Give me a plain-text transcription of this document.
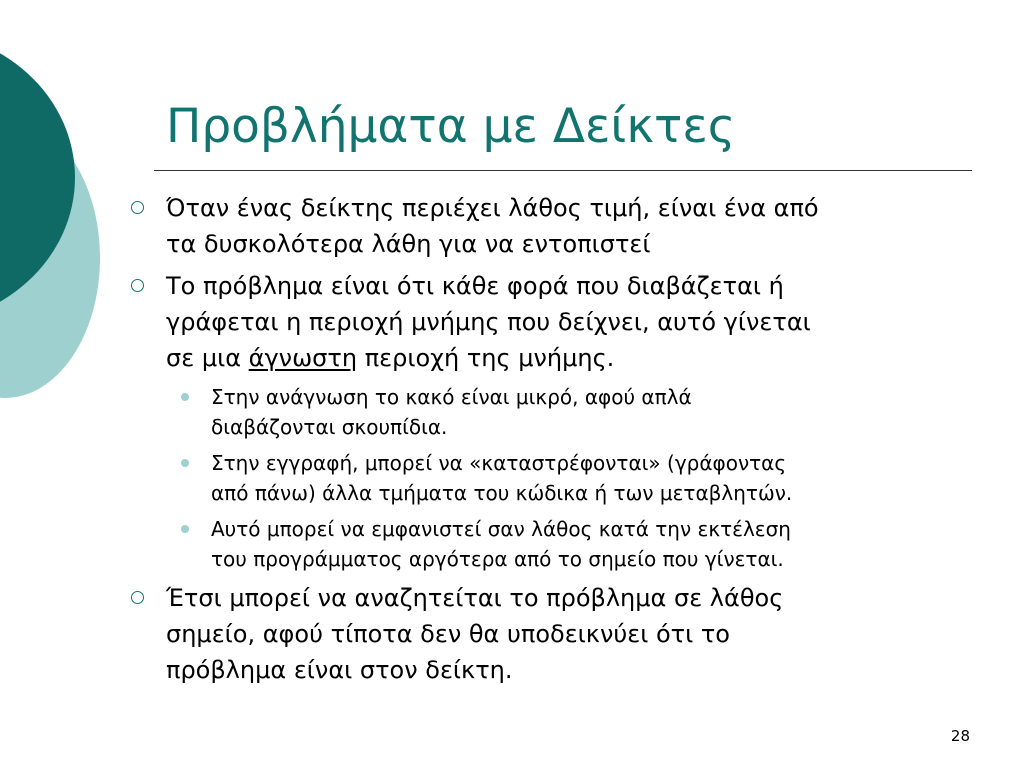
Προβλήματα με Δείκτες
Όταν ένας δείκτης περιέχει λάθος τιμή, είναι ένα από
τα δυσκολότερα λάθη για να εντοπιστεί
Το πρόβλημα είναι ότι κάθε φορά που διαβάζεται ή
γράφεται η περιοχή μνήμης που δείχνει, αυτό γίνεται
σε μια άγνωστη περιοχή της μνήμης.
Στην ανάγνωση το κακό είναι μικρό, αφού απλά
διαβάζονται σκουπίδια.
Στην εγγραφή, μπορεί να «καταστρέφονται» (γράφοντας
από πάνω) άλλα τμήματα του κώδικα ή των μεταβλητών.
Αυτό μπορεί να εμφανιστεί σαν λάθος κατά την εκτέλεση
του προγράμματος αργότερα από το σημείο που γίνεται.
Έτσι μπορεί να αναζητείται το πρόβλημα σε λάθος
σημείο, αφού τίποτα δεν θα υποδεικνύει ότι το
πρόβλημα είναι στον δείκτη.
28
